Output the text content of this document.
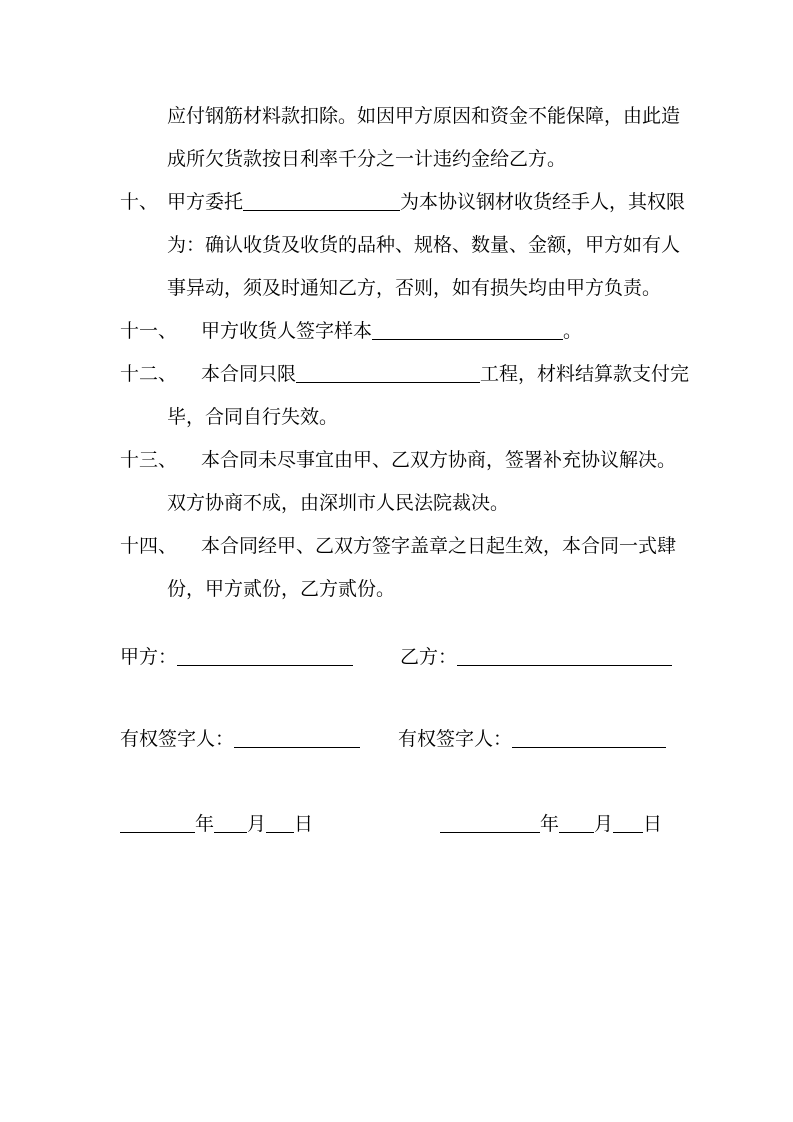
应付钢筋材料款扣除。如因甲方原因和资金不能保障，由此造
成所欠货款按日利率千分之一计违约金给乙方。
十、 甲方委托	为本协议钢材收货经手人，其权限
为：确认收货及收货的品种、规格、数量、金额，甲方如有人
事异动，须及时通知乙方，否则，如有损失均由甲方负责。
十一、	甲方收货人签字样本	。
十二、	本合同只限	工程，材料结算款支付完
毕，合同自行失效。
十三、	本合同未尽事宜由甲、乙双方协商，签署补充协议解决。
双方协商不成，由深圳市人民法院裁决。
十四、	本合同经甲、乙双方签字盖章之日起生效，本合同一式肆
份，甲方贰份，乙方贰份。
甲方：	乙方：
有权签字人：	有权签字人：
年 月 日	年 月 日
